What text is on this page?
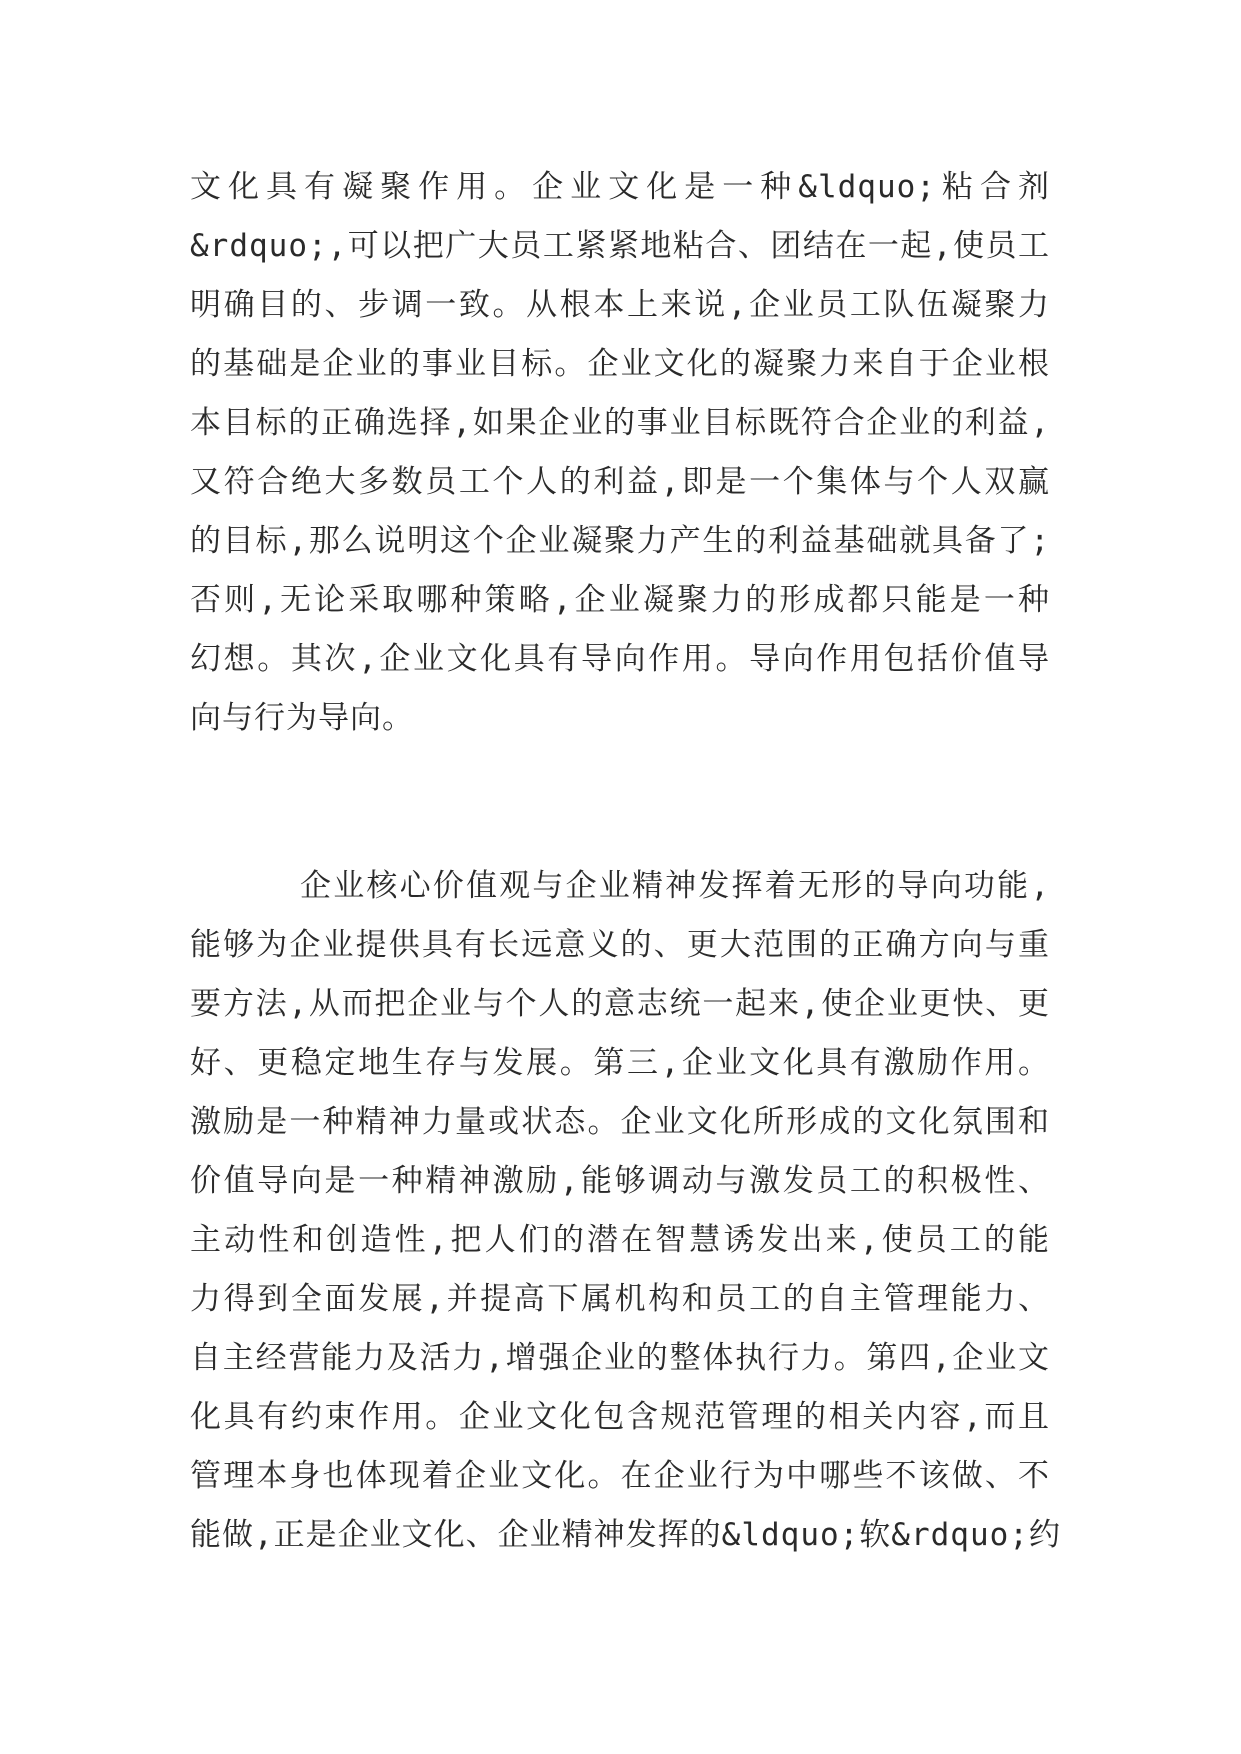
文化具有凝聚作用。企业文化是一种&ldquo;粘合剂
&rdquo;,可以把广大员工紧紧地粘合、团结在一起,使员工
明确目的、步调一致。从根本上来说,企业员工队伍凝聚力
的基础是企业的事业目标。企业文化的凝聚力来自于企业根
本目标的正确选择,如果企业的事业目标既符合企业的利益,
又符合绝大多数员工个人的利益,即是一个集体与个人双赢
的目标,那么说明这个企业凝聚力产生的利益基础就具备了;
否则,无论采取哪种策略,企业凝聚力的形成都只能是一种
幻想。其次,企业文化具有导向作用。导向作用包括价值导
向与行为导向。
企业核心价值观与企业精神发挥着无形的导向功能,
能够为企业提供具有长远意义的、更大范围的正确方向与重
要方法,从而把企业与个人的意志统一起来,使企业更快、更
好、更稳定地生存与发展。第三,企业文化具有激励作用。
激励是一种精神力量或状态。企业文化所形成的文化氛围和
价值导向是一种精神激励,能够调动与激发员工的积极性、
主动性和创造性,把人们的潜在智慧诱发出来,使员工的能
力得到全面发展,并提高下属机构和员工的自主管理能力、
自主经营能力及活力,增强企业的整体执行力。第四,企业文
化具有约束作用。企业文化包含规范管理的相关内容,而且
管理本身也体现着企业文化。在企业行为中哪些不该做、不
能做,正是企业文化、企业精神发挥的&ldquo;软&rdquo;约
